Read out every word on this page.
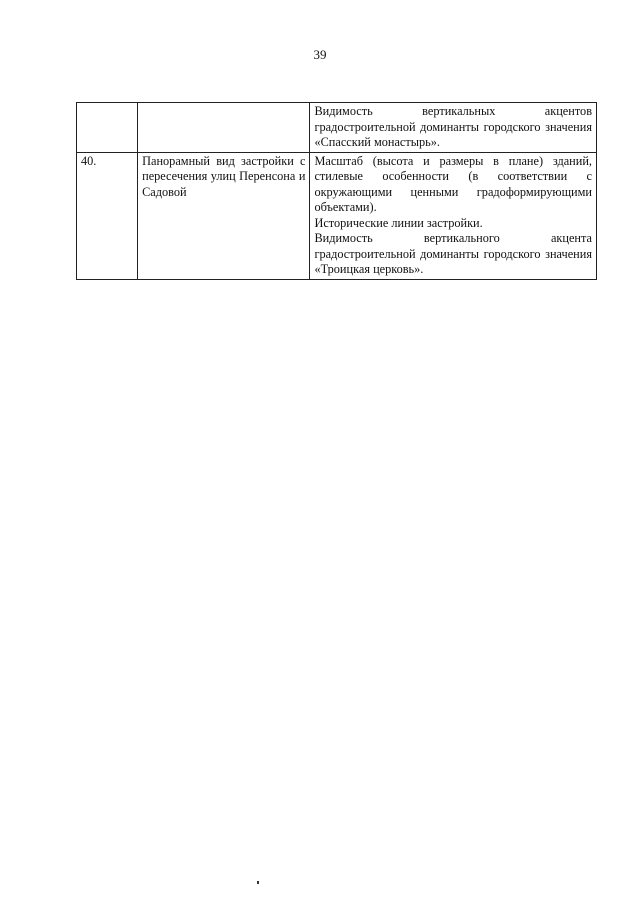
39

		Видимость вертикальных акцентов градостроительной доминанты городского значения «Спасский монастырь».

40.	Панорамный вид застройки с пересечения улиц Перенсона и Садовой	Масштаб (высота и размеры в плане) зданий, стилевые особенности (в соответствии с окружающими ценными градоформирующими объектами).
Исторические линии застройки.
Видимость вертикального акцента градостроительной доминанты городского значения «Троицкая церковь».
